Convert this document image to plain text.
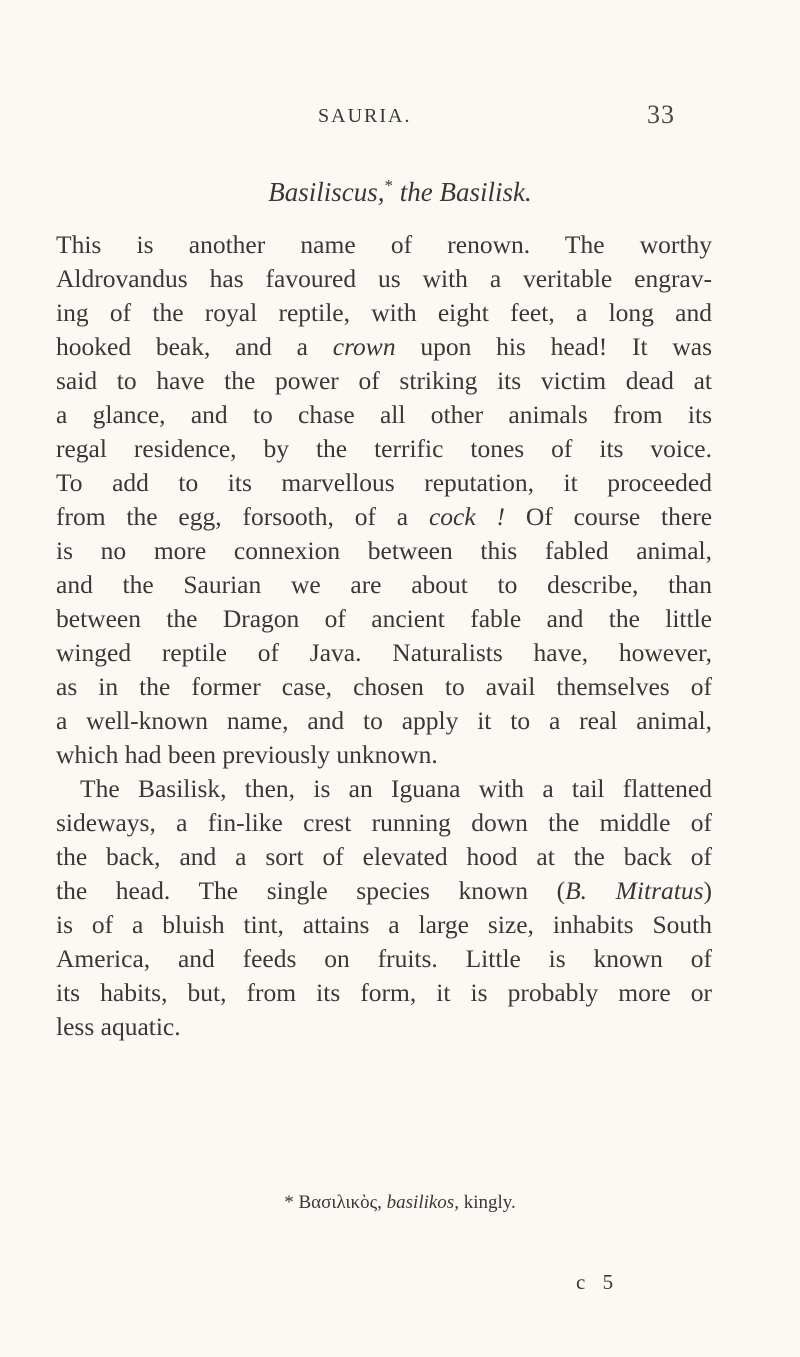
SAURIA.	33
Basiliscus,* the Basilisk.
This is another name of renown. The worthy
Aldrovandus has favoured us with a veritable engrav-
ing of the royal reptile, with eight feet, a long and
hooked beak, and a crown upon his head! It was
said to have the power of striking its victim dead at
a glance, and to chase all other animals from its
regal residence, by the terrific tones of its voice.
To add to its marvellous reputation, it proceeded
from the egg, forsooth, of a cock ! Of course there
is no more connexion between this fabled animal,
and the Saurian we are about to describe, than
between the Dragon of ancient fable and the little
winged reptile of Java. Naturalists have, however,
as in the former case, chosen to avail themselves of
a well-known name, and to apply it to a real animal,
which had been previously unknown.
The Basilisk, then, is an Iguana with a tail flattened
sideways, a fin-like crest running down the middle of
the back, and a sort of elevated hood at the back of
the head. The single species known (B. Mitratus)
is of a bluish tint, attains a large size, inhabits South
America, and feeds on fruits. Little is known of
its habits, but, from its form, it is probably more or
less aquatic.
* Βασιλικὸς, basilikos, kingly.
c 5
